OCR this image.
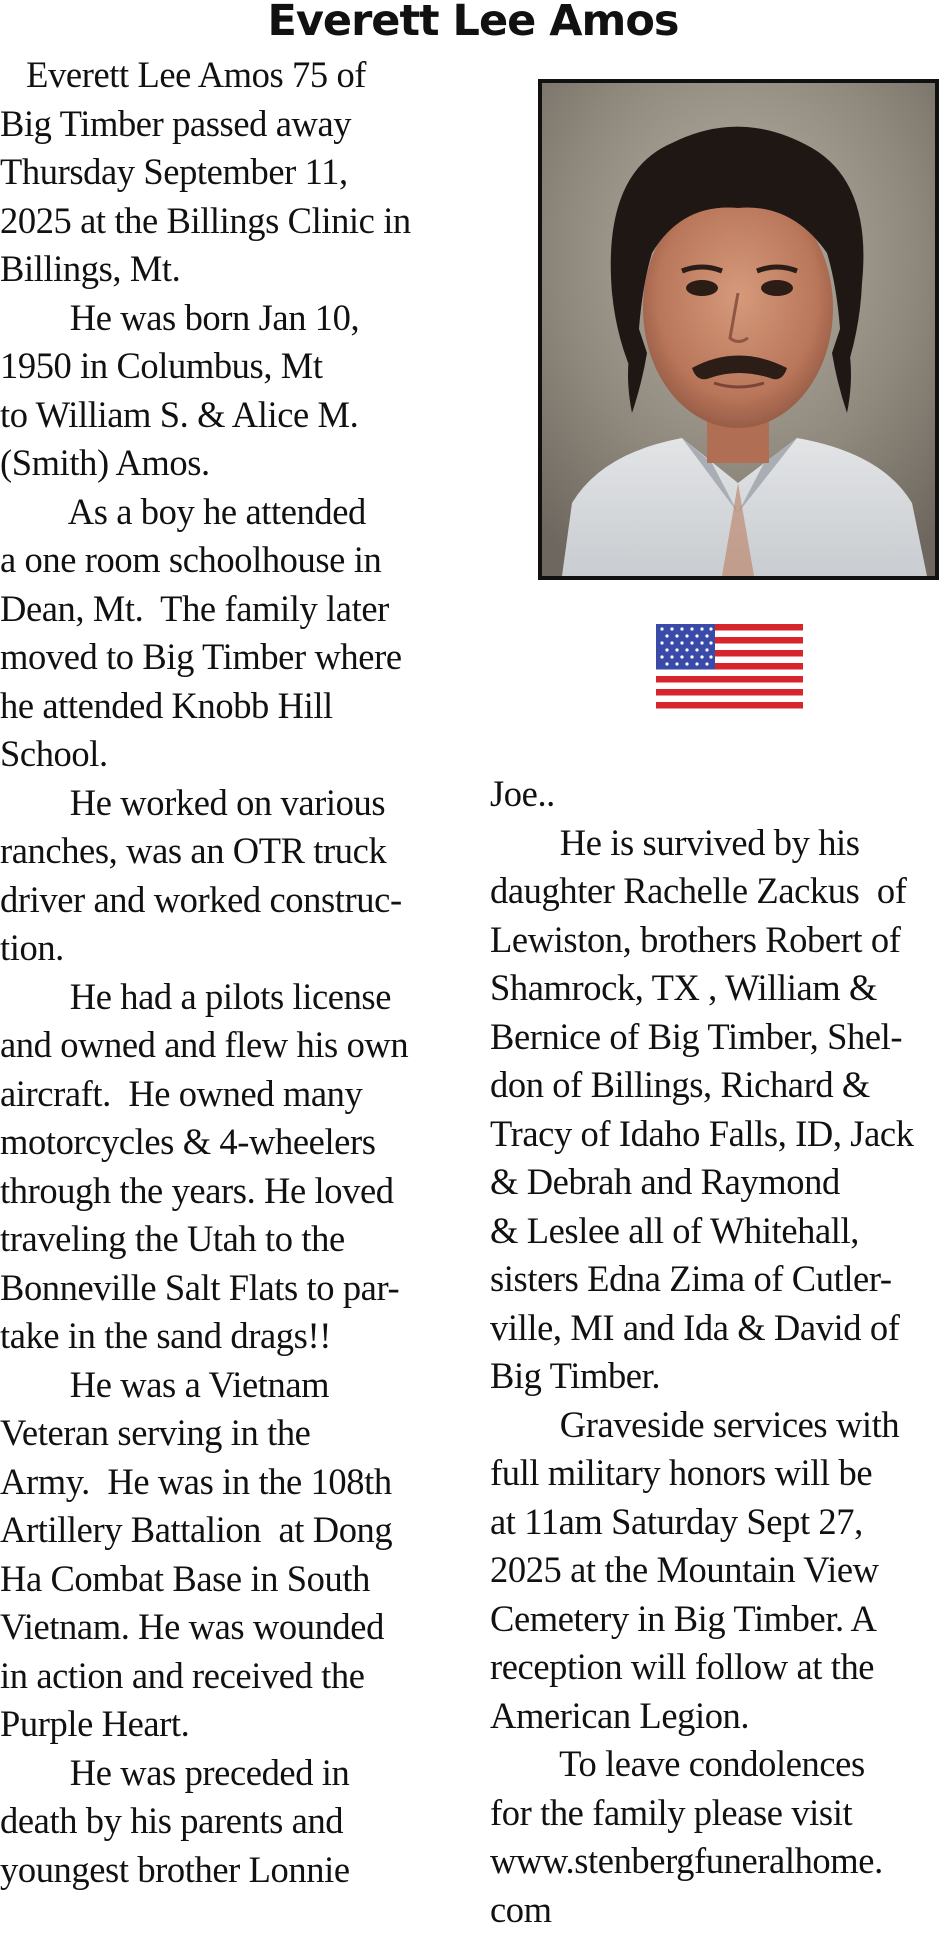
Everett Lee Amos
Everett Lee Amos 75 of
Big Timber passed away
Thursday September 11,
2025 at the Billings Clinic in
Billings, Mt.
He was born Jan 10,
1950 in Columbus, Mt
to William S. & Alice M.
(Smith) Amos.
As a boy he attended
a one room schoolhouse in
Dean, Mt.  The family later
moved to Big Timber where
he attended Knobb Hill
School.
He worked on various
ranches, was an OTR truck
driver and worked construc-
tion.
He had a pilots license
and owned and flew his own
aircraft.  He owned many
motorcycles & 4-wheelers
through the years. He loved
traveling the Utah to the
Bonneville Salt Flats to par-
take in the sand drags!!
He was a Vietnam
Veteran serving in the
Army.  He was in the 108th
Artillery Battalion  at Dong
Ha Combat Base in South
Vietnam. He was wounded
in action and received the
Purple Heart.
He was preceded in
death by his parents and
youngest brother Lonnie
Joe..
He is survived by his
daughter Rachelle Zackus  of
Lewiston, brothers Robert of
Shamrock, TX , William &
Bernice of Big Timber, Shel-
don of Billings, Richard &
Tracy of Idaho Falls, ID, Jack
& Debrah and Raymond
& Leslee all of Whitehall,
sisters Edna Zima of Cutler-
ville, MI and Ida & David of
Big Timber.
Graveside services with
full military honors will be
at 11am Saturday Sept 27,
2025 at the Mountain View
Cemetery in Big Timber. A
reception will follow at the
American Legion.
To leave condolences
for the family please visit
www.stenbergfuneralhome.
com
